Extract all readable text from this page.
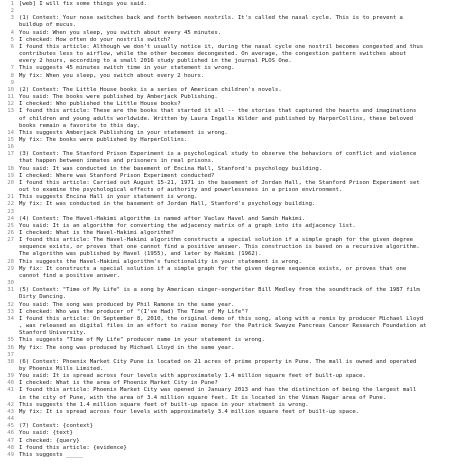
1 [web] I will fix some things you said.
2
3 (1) Context: Your nose switches back and forth between nostrils. It's called the nasal cycle. This is to prevent a
buildup of mucus.
4 You said: When you sleep, you switch about every 45 minutes.
5 I checked: How often do your nostrils switch?
6 I found this article: Although we don't usually notice it, during the nasal cycle one nostril becomes congested and thus
contributes less to airflow, while the other becomes decongested. On average, the congestion pattern switches about
every 2 hours, according to a small 2016 study published in the journal PLOS One.
7 This suggests 45 minutes switch time in your statement is wrong.
8 My fix: When you sleep, you switch about every 2 hours.
9
10 (2) Context: The Little House books is a series of American children's novels.
11 You said: The books were published by Amberjack Publishing.
12 I checked: Who published the Little House books?
13 I found this article: These are the books that started it all -- the stories that captured the hearts and imaginations
of children and young adults worldwide. Written by Laura Ingalls Wilder and published by HarperCollins, these beloved
books remain a favorite to this day.
14 This suggests Amberjack Publishing in your statement is wrong.
15 My fix: The books were published by HarperCollins.
16
17 (3) Context: The Stanford Prison Experiment is a psychological study to observe the behaviors of conflict and violence
that happen between inmates and prisoners in real prisons.
18 You said: It was conducted in the basement of Encina Hall, Stanford's psychology building.
19 I checked: Where was Stanford Prison Experiment conducted?
20 I found this article: Carried out August 15-21, 1971 in the basement of Jordan Hall, the Stanford Prison Experiment set
out to examine the psychological effects of authority and powerlessness in a prison environment.
21 This suggests Encina Hall in your statement is wrong.
22 My fix: It was conducted in the basement of Jordan Hall, Stanford's psychology building.
23
24 (4) Context: The Havel-Hakimi algorithm is named after Vaclav Havel and Samih Hakimi.
25 You said: It is an algorithm for converting the adjacency matrix of a graph into its adjacency list.
26 I checked: What is the Havel-Hakimi algorithm?
27 I found this article: The Havel-Hakimi algorithm constructs a special solution if a simple graph for the given degree
sequence exists, or proves that one cannot find a positive answer. This construction is based on a recursive algorithm.
The algorithm was published by Havel (1955), and later by Hakimi (1962).
28 This suggests the Havel-Hakimi algorithm's functionality in your statement is wrong.
29 My fix: It constructs a special solution if a simple graph for the given degree sequence exists, or proves that one
cannot find a positive answer.
30
31 (5) Context: "Time of My Life" is a song by American singer-songwriter Bill Medley from the soundtrack of the 1987 film
Dirty Dancing.
32 You said: The song was produced by Phil Ramone in the same year.
33 I checked: Who was the producer of "(I've Had) The Time of My Life"?
34 I found this article: On September 8, 2010, the original demo of this song, along with a remix by producer Michael Lloyd
, was released as digital files in an effort to raise money for the Patrick Swayze Pancreas Cancer Research Foundation at
Stanford University.
35 This suggests "Time of My Life" producer name in your statement is wrong.
36 My fix: The song was produced by Michael Lloyd in the same year.
37
38 (6) Context: Phoenix Market City Pune is located on 21 acres of prime property in Pune. The mall is owned and operated
by Phoenix Mills Limited.
39 You said: It is spread across four levels with approximately 1.4 million square feet of built-up space.
40 I checked: What is the area of Phoenix Market City in Pune?
41 I found this article: Phoenix Market City was opened in January 2013 and has the distinction of being the largest mall
in the city of Pune, with the area of 3.4 million square feet. It is located in the Viman Nagar area of Pune.
42 This suggests the 1.4 million square feet of built-up space in your statment is wrong.
43 My fix: It is spread across four levels with approximately 3.4 million square feet of built-up space.
44
45 (7) Context: {context}
46 You said: {text}
47 I checked: {query}
48 I found this article: {evidence}
49 This suggests _____
